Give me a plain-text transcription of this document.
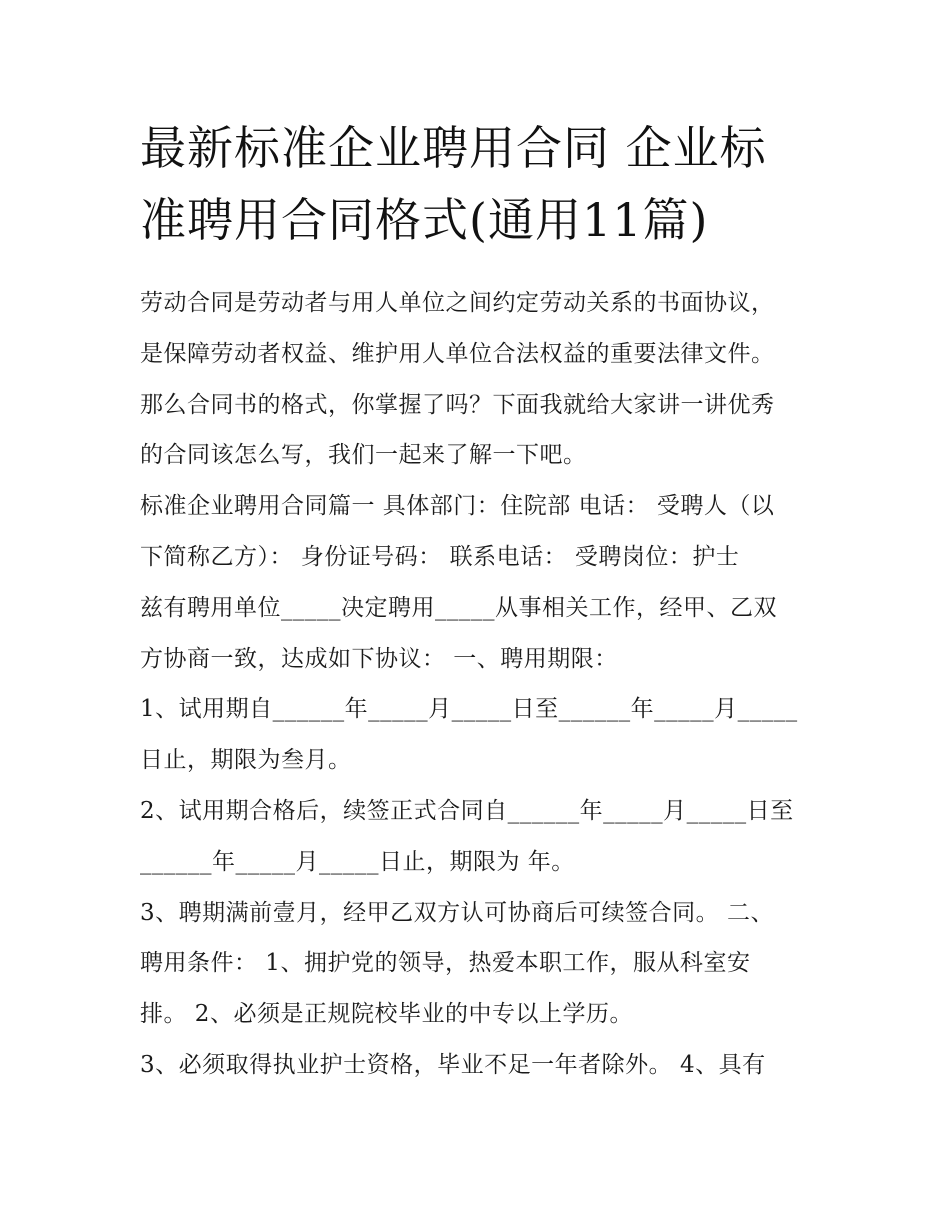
最新标准企业聘用合同 企业标
准聘用合同格式(通用11篇)
劳动合同是劳动者与用人单位之间约定劳动关系的书面协议，
是保障劳动者权益、维护用人单位合法权益的重要法律文件。
那么合同书的格式，你掌握了吗？下面我就给大家讲一讲优秀
的合同该怎么写，我们一起来了解一下吧。
标准企业聘用合同篇一 具体部门：住院部 电话： 受聘人（以
下简称乙方）： 身份证号码： 联系电话： 受聘岗位：护士
兹有聘用单位_____决定聘用_____从事相关工作，经甲、乙双
方协商一致，达成如下协议： 一、聘用期限：
1、试用期自______年_____月_____日至______年_____月_____
日止，期限为叁月。
2、试用期合格后，续签正式合同自______年_____月_____日至
______年_____月_____日止，期限为 年。
3、聘期满前壹月，经甲乙双方认可协商后可续签合同。 二、
聘用条件： 1、拥护党的领导，热爱本职工作，服从科室安
排。 2、必须是正规院校毕业的中专以上学历。
3、必须取得执业护士资格，毕业不足一年者除外。 4、具有
